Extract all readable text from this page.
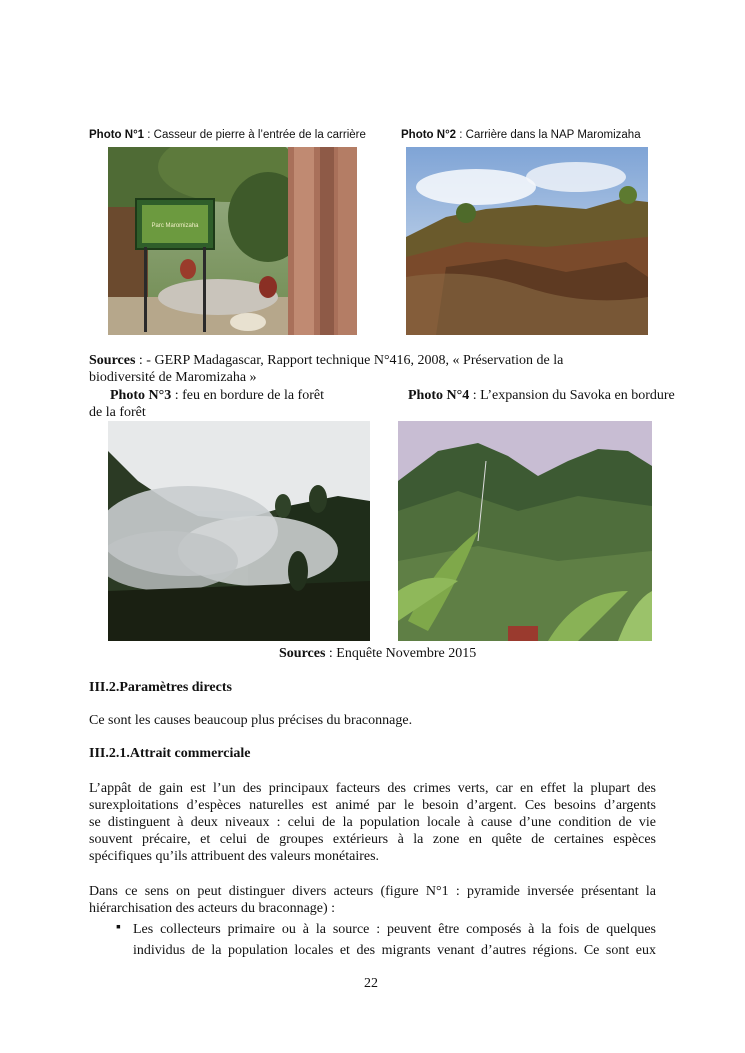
Photo N°1 : Casseur de pierre à l’entrée de la carrière	Photo N°2 : Carrière dans la NAP Maromizaha
Parc Maromizaha
Sources : - GERP Madagascar, Rapport technique N°416, 2008, « Préservation de la
biodiversité de Maromizaha »
Photo N°3 : feu en bordure de la forêt	Photo N°4 : L’expansion du Savoka en bordure
de la forêt
Sources : Enquête Novembre 2015
III.2.Paramètres directs
Ce sont les causes beaucoup plus précises du braconnage.
III.2.1.Attrait commerciale
L’appât de gain est l’un des principaux facteurs des crimes verts, car en effet la plupart des
surexploitations d’espèces naturelles est animé par le besoin d’argent. Ces besoins d’argents
se distinguent à deux niveaux : celui de la population locale à cause d’une condition de vie
souvent précaire, et celui de groupes extérieurs à la zone en quête de certaines espèces
spécifiques qu’ils attribuent des valeurs monétaires.
Dans ce sens on peut distinguer divers acteurs (figure N°1 : pyramide inversée présentant la
hiérarchisation des acteurs du braconnage) :
▪ Les collecteurs primaire ou à la source : peuvent être composés à la fois de quelques
individus de la population locales et des migrants venant d’autres régions. Ce sont eux
22
